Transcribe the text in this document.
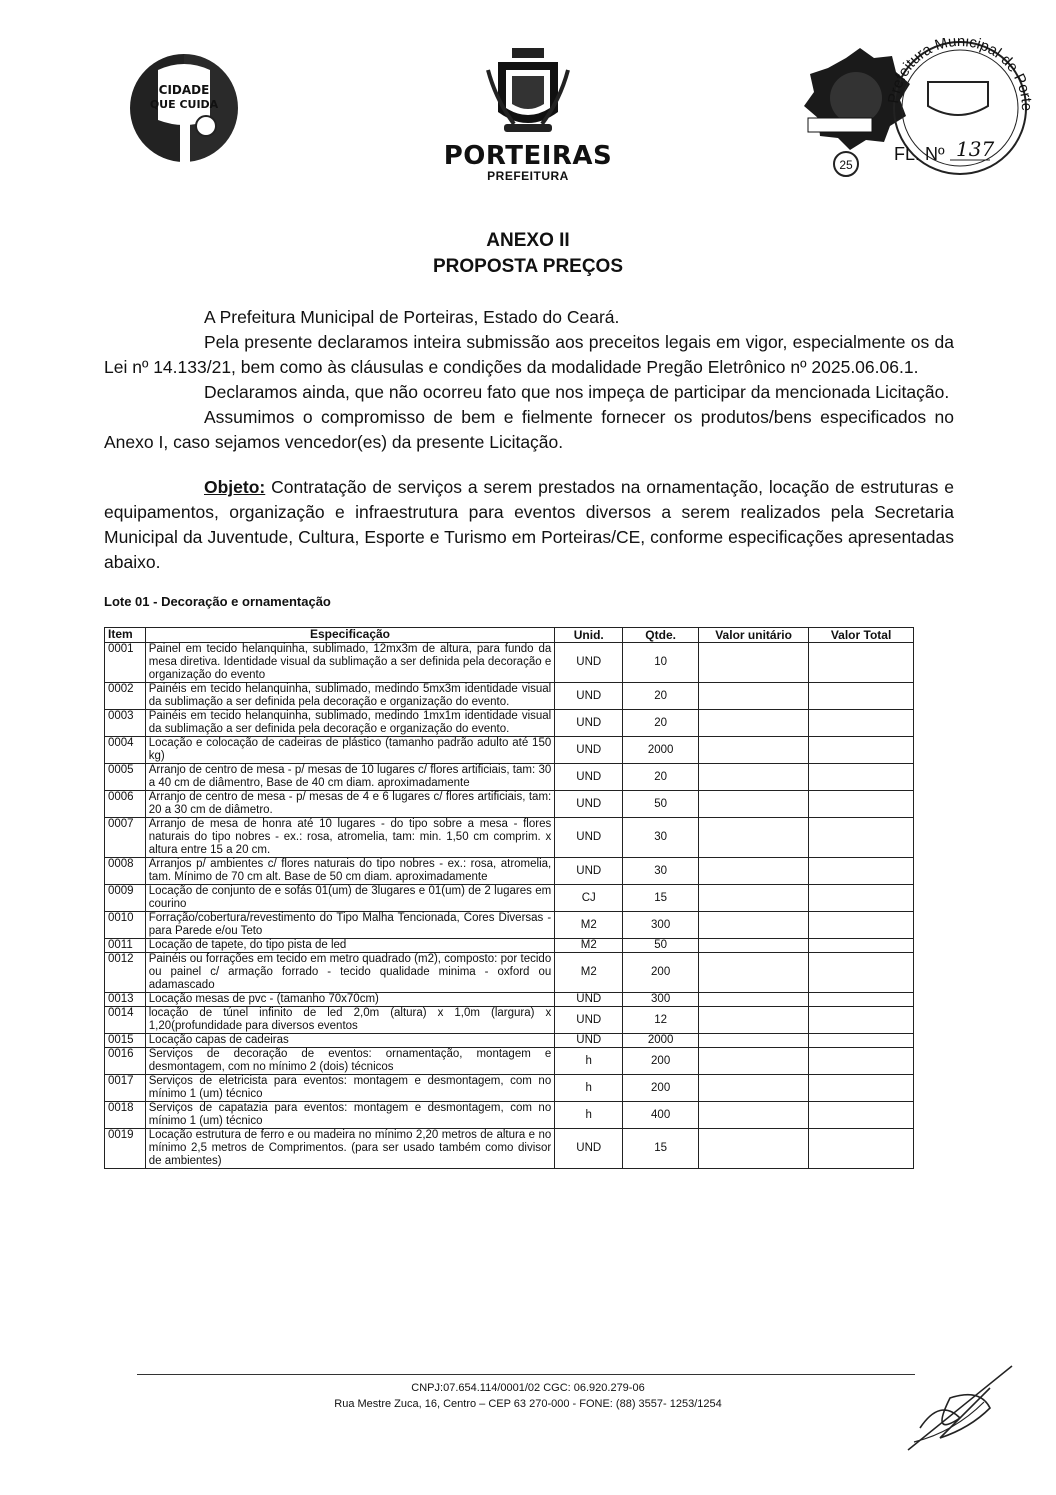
CIDADE
QUE CUIDA
PORTEIRAS
PREFEITURA
25
Prefeitura Municipal de Porte
FL. Nº 137
ANEXO II
PROPOSTA PREÇOS
A Prefeitura Municipal de Porteiras, Estado do Ceará.
Pela presente declaramos inteira submissão aos preceitos legais em vigor, especialmente os da Lei nº 14.133/21, bem como às cláusulas e condições da modalidade Pregão Eletrônico nº 2025.06.06.1.
Declaramos ainda, que não ocorreu fato que nos impeça de participar da mencionada Licitação.
Assumimos o compromisso de bem e fielmente fornecer os produtos/bens especificados no Anexo I, caso sejamos vencedor(es) da presente Licitação.
Objeto: Contratação de serviços a serem prestados na ornamentação, locação de estruturas e equipamentos, organização e infraestrutura para eventos diversos a serem realizados pela Secretaria Municipal da Juventude, Cultura, Esporte e Turismo em Porteiras/CE, conforme especificações apresentadas abaixo.
Lote 01 - Decoração e ornamentação
Item	Especificação	Unid.	Qtde.	Valor unitário	Valor Total
0001	Painel em tecido helanquinha, sublimado, 12mx3m de altura, para fundo da mesa diretiva. Identidade visual da sublimação a ser definida pela decoração e organização do evento	UND	10		
0002	Painéis em tecido helanquinha, sublimado, medindo 5mx3m identidade visual da sublimação a ser definida pela decoração e organização do evento.	UND	20		
0003	Painéis em tecido helanquinha, sublimado, medindo 1mx1m identidade visual da sublimação a ser definida pela decoração e organização do evento.	UND	20		
0004	Locação e colocação de cadeiras de plástico (tamanho padrão adulto até 150 kg)	UND	2000		
0005	Arranjo de centro de mesa - p/ mesas de 10 lugares c/ flores artificiais, tam: 30 a 40 cm de diâmentro, Base de 40 cm diam. aproximadamente	UND	20		
0006	Arranjo de centro de mesa - p/ mesas de 4 e 6 lugares c/ flores artificiais, tam: 20 a 30 cm de diâmetro.	UND	50		
0007	Arranjo de mesa de honra até 10 lugares - do tipo sobre a mesa - flores naturais do tipo nobres - ex.: rosa, atromelia, tam: min. 1,50 cm comprim. x altura entre 15 a 20 cm.	UND	30		
0008	Arranjos p/ ambientes c/ flores naturais do tipo nobres - ex.: rosa, atromelia, tam. Mínimo de 70 cm alt. Base de 50 cm diam. aproximadamente	UND	30		
0009	Locação de conjunto de e sofás 01(um) de 3lugares e 01(um) de 2 lugares em courino	CJ	15		
0010	Forração/cobertura/revestimento do Tipo Malha Tencionada, Cores Diversas - para Parede e/ou Teto	M2	300		
0011	Locação de tapete, do tipo pista de led	M2	50		
0012	Painéis ou forrações em tecido em metro quadrado (m2), composto: por tecido ou painel c/ armação forrado - tecido qualidade minima - oxford ou adamascado	M2	200		
0013	Locação mesas de pvc - (tamanho 70x70cm)	UND	300		
0014	locação de túnel infinito de led 2,0m (altura) x 1,0m (largura) x 1,20(profundidade para diversos eventos	UND	12		
0015	Locação capas de cadeiras	UND	2000		
0016	Serviços de decoração de eventos: ornamentação, montagem e desmontagem, com no mínimo 2 (dois) técnicos	h	200		
0017	Serviços de eletricista para eventos: montagem e desmontagem, com no mínimo 1 (um) técnico	h	200		
0018	Serviços de capatazia para eventos: montagem e desmontagem, com no mínimo 1 (um) técnico	h	400		
0019	Locação estrutura de ferro e ou madeira no mínimo 2,20 metros de altura e no mínimo 2,5 metros de Comprimentos. (para ser usado também como divisor de ambientes)	UND	15		
CNPJ:07.654.114/0001/02 CGC: 06.920.279-06
Rua Mestre Zuca, 16, Centro – CEP 63 270-000 - FONE: (88) 3557- 1253/1254
